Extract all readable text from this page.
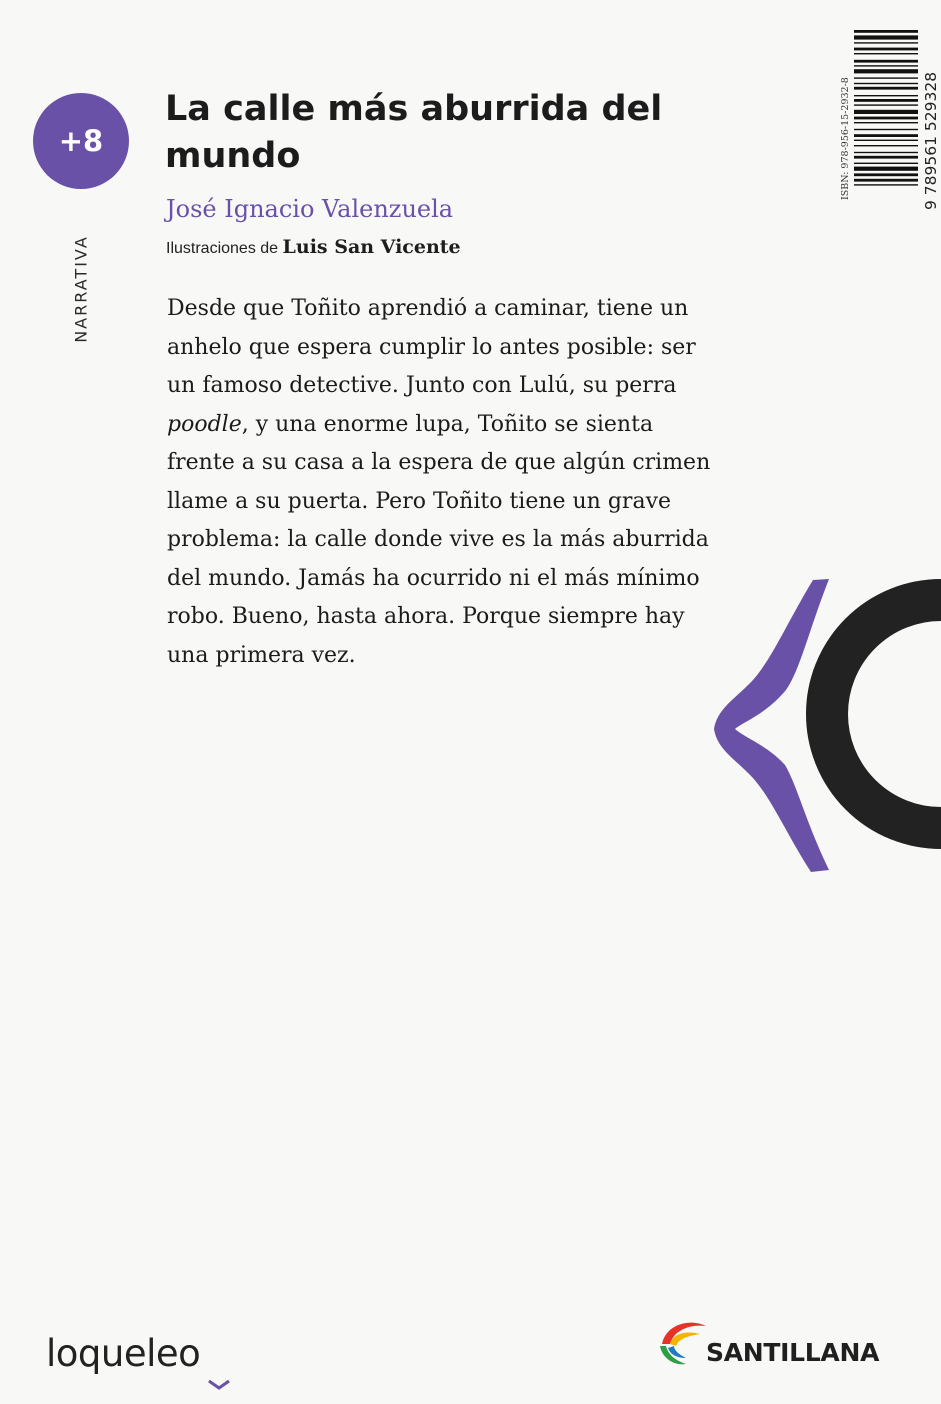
+8
NARRATIVA
La calle más aburrida del mundo

José Ignacio Valenzuela

Ilustraciones de Luis San Vicente

Desde que Toñito aprendió a caminar, tiene un anhelo que espera cumplir lo antes posible: ser un famoso detective. Junto con Lulú, su perra poodle, y una enorme lupa, Toñito se sienta frente a su casa a la espera de que algún crimen llame a su puerta. Pero Toñito tiene un grave problema: la calle donde vive es la más aburrida del mundo. Jamás ha ocurrido ni el más mínimo robo. Bueno, hasta ahora. Porque siempre hay una primera vez.

ISBN: 978-956-15-2932-8	9 789561 529328
loqueleo	SANTILLANA
